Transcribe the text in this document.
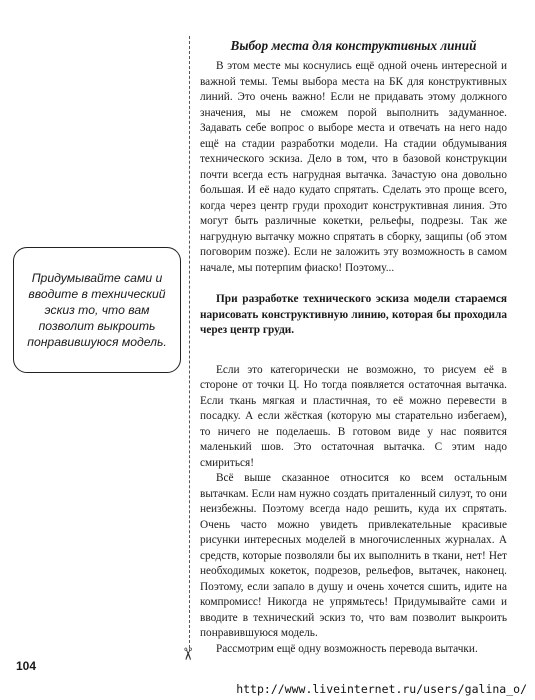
✂
Придумывайте сами и вводите в технический эскиз то, что вам позволит выкроить понравившуюся модель.
Выбор места для конструктивных линий

В этом месте мы коснулись ещё одной очень интересной и важной темы. Темы выбора места на БК для конструктивных линий. Это очень важно! Если не придавать этому должного значения, мы не сможем порой выполнить задуманное. Задавать себе вопрос о выборе места и отвечать на него надо ещё на стадии разработки модели. На стадии обдумывания технического эскиза. Дело в том, что в базовой конструкции почти всегда есть нагрудная вытачка. Зачастую она довольно большая. И её надо кудато спрятать. Сделать это проще всего, когда через центр груди проходит конструктивная линия. Это могут быть различные кокетки, рельефы, подрезы. Так же нагрудную вытачку можно спрятать в сборку, защипы (об этом поговорим позже). Если не заложить эту возможность в самом начале, мы потерпим фиаско! Поэтому...

При разработке технического эскиза модели стараемся нарисовать конструктивную линию, которая бы проходила через центр груди.

Если это категорически не возможно, то рисуем её в стороне от точки Ц. Но тогда появляется остаточная вытачка. Если ткань мягкая и пластичная, то её можно перевести в посадку. А если жёсткая (которую мы старательно избегаем), то ничего не поделаешь. В готовом виде у нас появится маленький шов. Это остаточная вытачка. С этим надо смириться!

Всё выше сказанное относится ко всем остальным вытачкам. Если нам нужно создать приталенный силуэт, то они неизбежны. Поэтому всегда надо решить, куда их спрятать. Очень часто можно увидеть привлекательные красивые рисунки интересных моделей в многочисленных журналах. А средств, которые позволяли бы их выполнить в ткани, нет! Нет необходимых кокеток, подрезов, рельефов, вытачек, наконец. Поэтому, если запало в душу и очень хочется сшить, идите на компромисс! Никогда не упрямьтесь! Придумывайте сами и вводите в технический эскиз то, что вам позволит выкроить понравившуюся модель.

Рассмотрим ещё одну возможность перевода вытачки.

104
http://www.liveinternet.ru/users/galina_o/
